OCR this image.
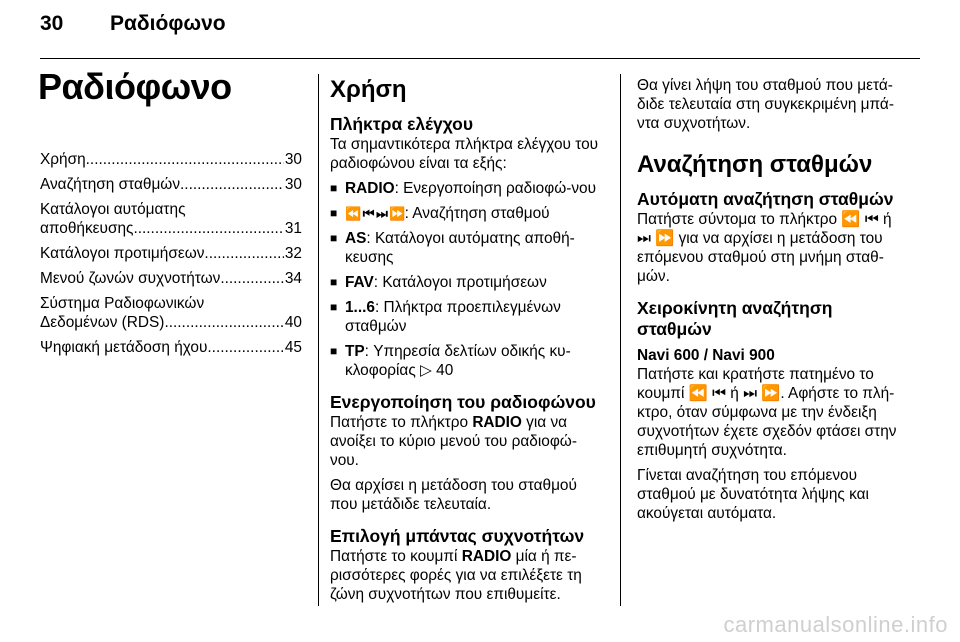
30	Ραδιόφωνο
Ραδιόφωνο
Χρήση .....	30
Αναζήτηση σταθμών .....	30
Κατάλογοι αυτόματης
αποθήκευσης .....	31
Κατάλογοι προτιμήσεων .....	32
Μενού ζωνών συχνοτήτων .....	34
Σύστημα Ραδιοφωνικών
Δεδομένων (RDS) .....	40
Ψηφιακή μετάδοση ήχου .....	45
Χρήση
Πλήκτρα ελέγχου

Τα σημαντικότερα πλήκτρα ελέγχου του ραδιοφώνου είναι τα εξής:

■ RADIO: Ενεργοποίηση ραδιοφώ-νου
■ ⏪ ⏮ ⏭ ⏩: Αναζήτηση σταθμού
■ AS: Κατάλογοι αυτόματης αποθή-κευσης
■ FAV: Κατάλογοι προτιμήσεων
■ 1...6: Πλήκτρα προεπιλεγμένων σταθμών
■ TP: Υπηρεσία δελτίων οδικής κυ-κλοφορίας ▷ 40
Ενεργοποίηση του ραδιοφώνου

Πατήστε το πλήκτρο RADIO για να ανοίξει το κύριο μενού του ραδιοφώ-νου.

Θα αρχίσει η μετάδοση του σταθμού που μετάδιδε τελευταία.

Επιλογή μπάντας συχνοτήτων

Πατήστε το κουμπί RADIO μία ή πε-ρισσότερες φορές για να επιλέξετε τη ζώνη συχνοτήτων που επιθυμείτε.

Θα γίνει λήψη του σταθμού που μετά-διδε τελευταία στη συγκεκριμένη μπά-ντα συχνοτήτων.

Αναζήτηση σταθμών
Αυτόματη αναζήτηση σταθμών

Πατήστε σύντομα το πλήκτρο ⏪ ⏮ ή ⏭ ⏩ για να αρχίσει η μετάδοση του επόμενου σταθμού στη μνήμη σταθ-μών.

Χειροκίνητη αναζήτηση σταθμών
Navi 600 / Navi 900

Πατήστε και κρατήστε πατημένο το κουμπί ⏪ ⏮ ή ⏭ ⏩. Αφήστε το πλή-κτρο, όταν σύμφωνα με την ένδειξη συχνοτήτων έχετε σχεδόν φτάσει στην επιθυμητή συχνότητα.

Γίνεται αναζήτηση του επόμενου σταθμού με δυνατότητα λήψης και ακούγεται αυτόματα.

carmanualsonline.info
